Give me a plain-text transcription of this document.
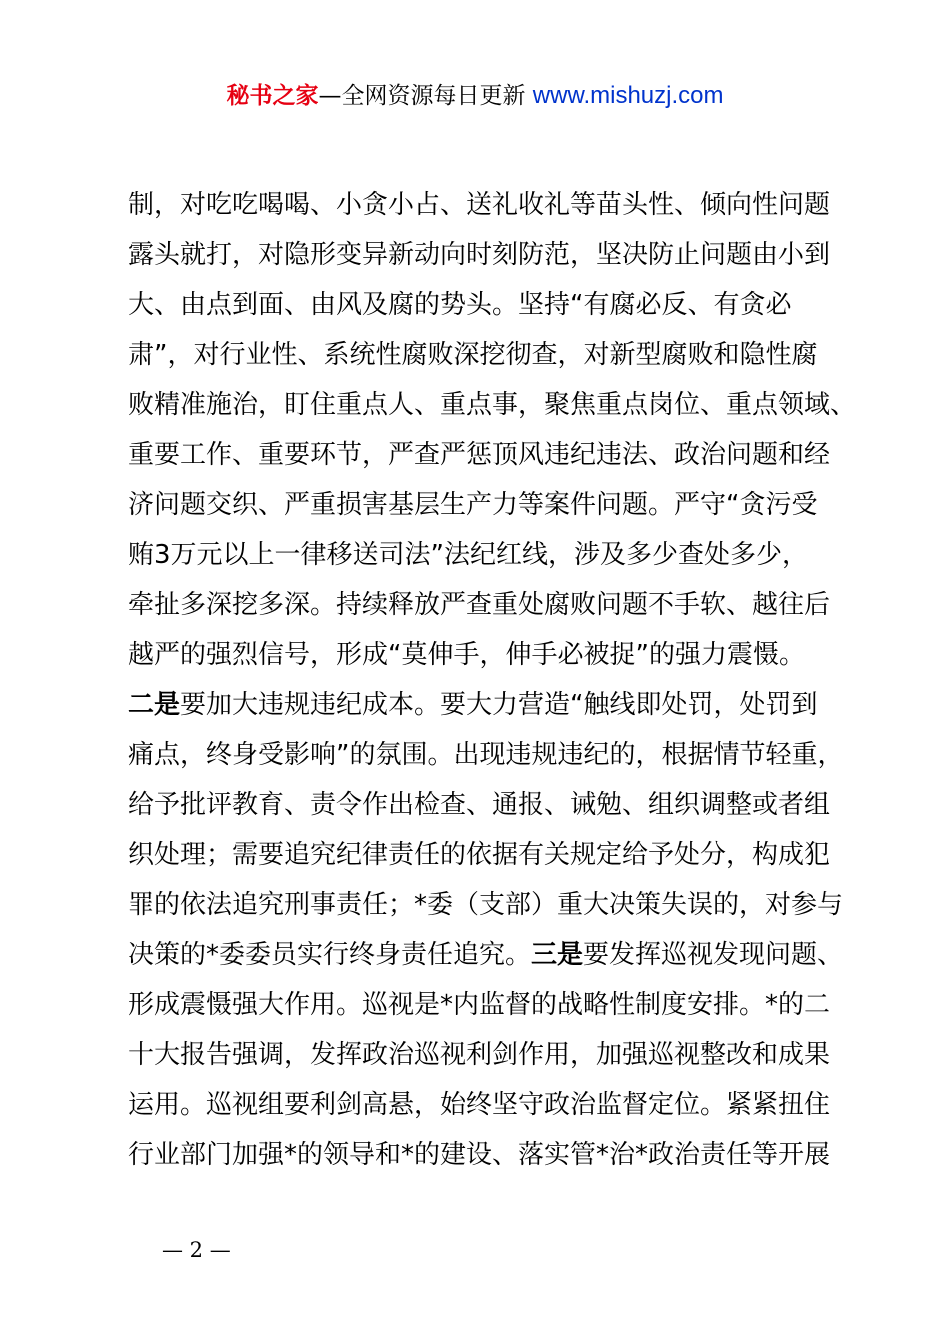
秘书之家—全网资源每日更新 www.mishuzj.com
制，对吃吃喝喝、小贪小占、送礼收礼等苗头性、倾向性问题
露头就打，对隐形变异新动向时刻防范，坚决防止问题由小到
大、由点到面、由风及腐的势头。坚持“有腐必反、有贪必
肃”，对行业性、系统性腐败深挖彻查，对新型腐败和隐性腐
败精准施治，盯住重点人、重点事，聚焦重点岗位、重点领域、
重要工作、重要环节，严查严惩顶风违纪违法、政治问题和经
济问题交织、严重损害基层生产力等案件问题。严守“贪污受
贿3万元以上一律移送司法”法纪红线，涉及多少查处多少，
牵扯多深挖多深。持续释放严查重处腐败问题不手软、越往后
越严的强烈信号，形成“莫伸手，伸手必被捉”的强力震慑。
二是要加大违规违纪成本。要大力营造“触线即处罚，处罚到
痛点，终身受影响”的氛围。出现违规违纪的，根据情节轻重，
给予批评教育、责令作出检查、通报、诫勉、组织调整或者组
织处理；需要追究纪律责任的依据有关规定给予处分，构成犯
罪的依法追究刑事责任；*委（支部）重大决策失误的，对参与
决策的*委委员实行终身责任追究。三是要发挥巡视发现问题、
形成震慑强大作用。巡视是*内监督的战略性制度安排。*的二
十大报告强调，发挥政治巡视利剑作用，加强巡视整改和成果
运用。巡视组要利剑高悬，始终坚守政治监督定位。紧紧扭住
行业部门加强*的领导和*的建设、落实管*治*政治责任等开展
— 2 —
